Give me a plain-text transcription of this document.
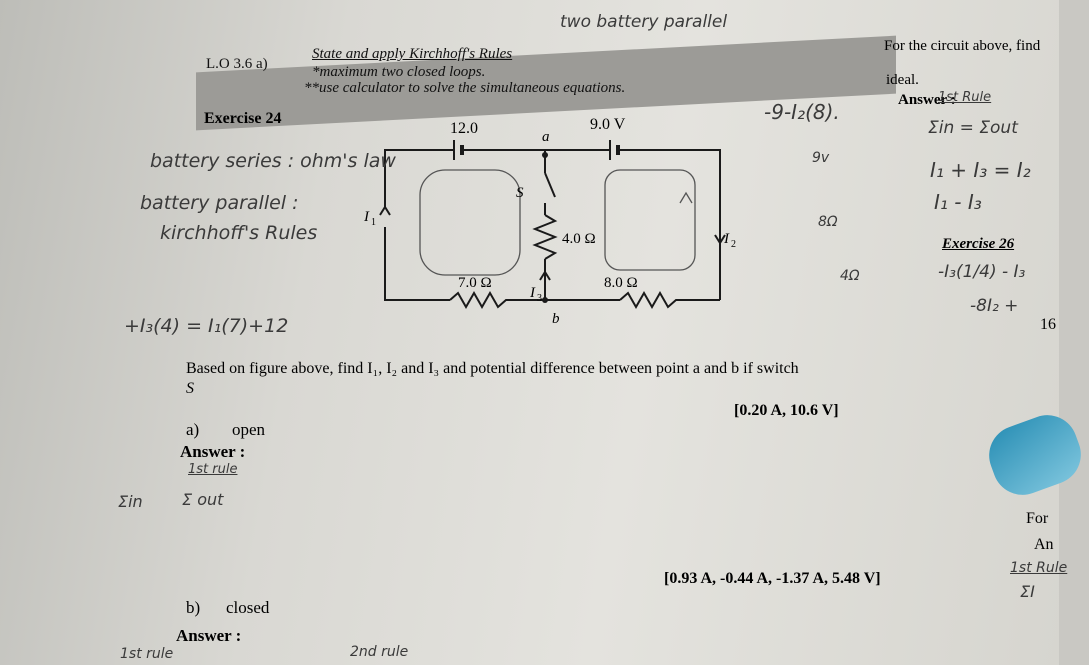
L.O 3.6 a)
State and apply Kirchhoff's Rules
*maximum two closed loops.
**use calculator to solve the simultaneous equations.
two battery parallel
For the circuit above, find
ideal.
Answer :
Exercise 26
16
For
An
Exercise 24
12.0	9.0 V
a
b
S
4.0 Ω
7.0 Ω	8.0 Ω
I 1
I 2
I 3
battery series : ohm's law
battery parallel :
kirchhoff's Rules
+I₃(4) = I₁(7)+12
-9-I₂(8).
1st Rule
Σin = Σout
I₁ + I₃ = I₂
I₁ - I₃
9v
8Ω
4Ω	-I₃(1/4) - I₃
-8I₂ +
Based on figure above, find I₁, I₂ and I₃ and potential difference between point a and b if switch
S
[0.20 A, 10.6 V]
a) open
Answer :
1st rule
Σin Σ out
[0.93 A, -0.44 A, -1.37 A, 5.48 V]
b) closed
Answer :
1st Rule
ΣI
1st rule	2nd rule
